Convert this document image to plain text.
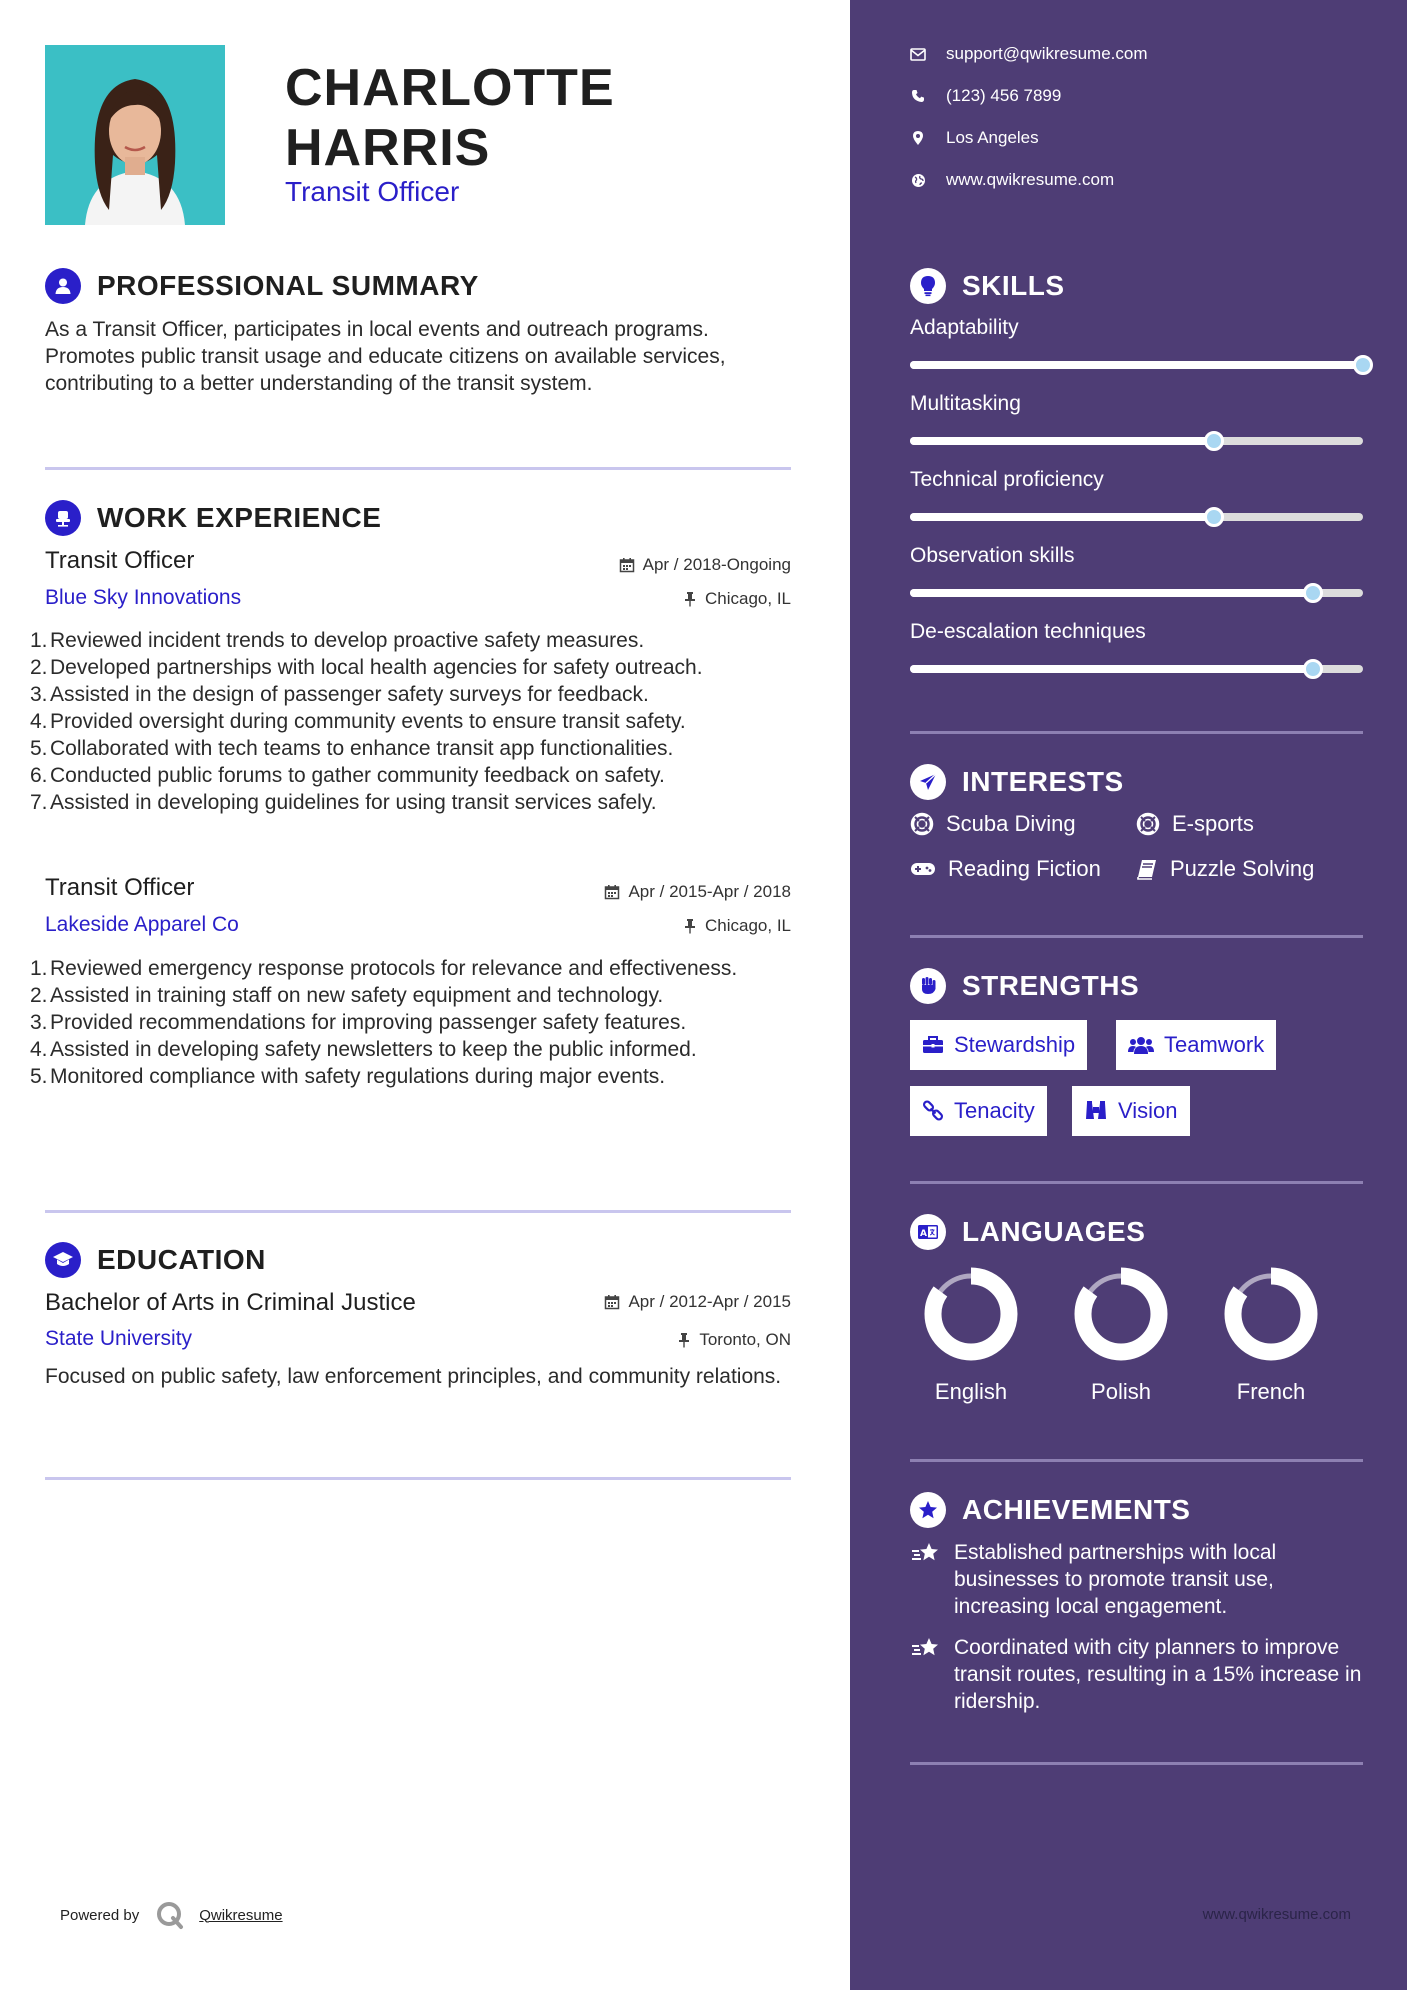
CHARLOTTE
HARRIS
Transit Officer
PROFESSIONAL SUMMARY
As a Transit Officer, participates in local events and outreach programs. Promotes public transit usage and educate citizens on available services, contributing to a better understanding of the transit system.
WORK EXPERIENCE
Transit Officer	Apr / 2018-Ongoing
Blue Sky Innovations	Chicago, IL
1. Reviewed incident trends to develop proactive safety measures.
2. Developed partnerships with local health agencies for safety outreach.
3. Assisted in the design of passenger safety surveys for feedback.
4. Provided oversight during community events to ensure transit safety.
5. Collaborated with tech teams to enhance transit app functionalities.
6. Conducted public forums to gather community feedback on safety.
7. Assisted in developing guidelines for using transit services safely.
Transit Officer	Apr / 2015-Apr / 2018
Lakeside Apparel Co	Chicago, IL
1. Reviewed emergency response protocols for relevance and effectiveness.
2. Assisted in training staff on new safety equipment and technology.
3. Provided recommendations for improving passenger safety features.
4. Assisted in developing safety newsletters to keep the public informed.
5. Monitored compliance with safety regulations during major events.
EDUCATION
Bachelor of Arts in Criminal Justice	Apr / 2012-Apr / 2015
State University	Toronto, ON
Focused on public safety, law enforcement principles, and community relations.
Powered by	Qwikresume
support@qwikresume.com
(123) 456 7899
Los Angeles
www.qwikresume.com
SKILLS
Adaptability
Multitasking
Technical proficiency
Observation skills
De-escalation techniques
INTERESTS
Scuba Diving	E-sports
Reading Fiction	Puzzle Solving
STRENGTHS
Stewardship	Teamwork
Tenacity	Vision
A LANGUAGES
English	Polish	French
ACHIEVEMENTS
Established partnerships with local businesses to promote transit use, increasing local engagement.
Coordinated with city planners to improve transit routes, resulting in a 15% increase in ridership.
www.qwikresume.com
